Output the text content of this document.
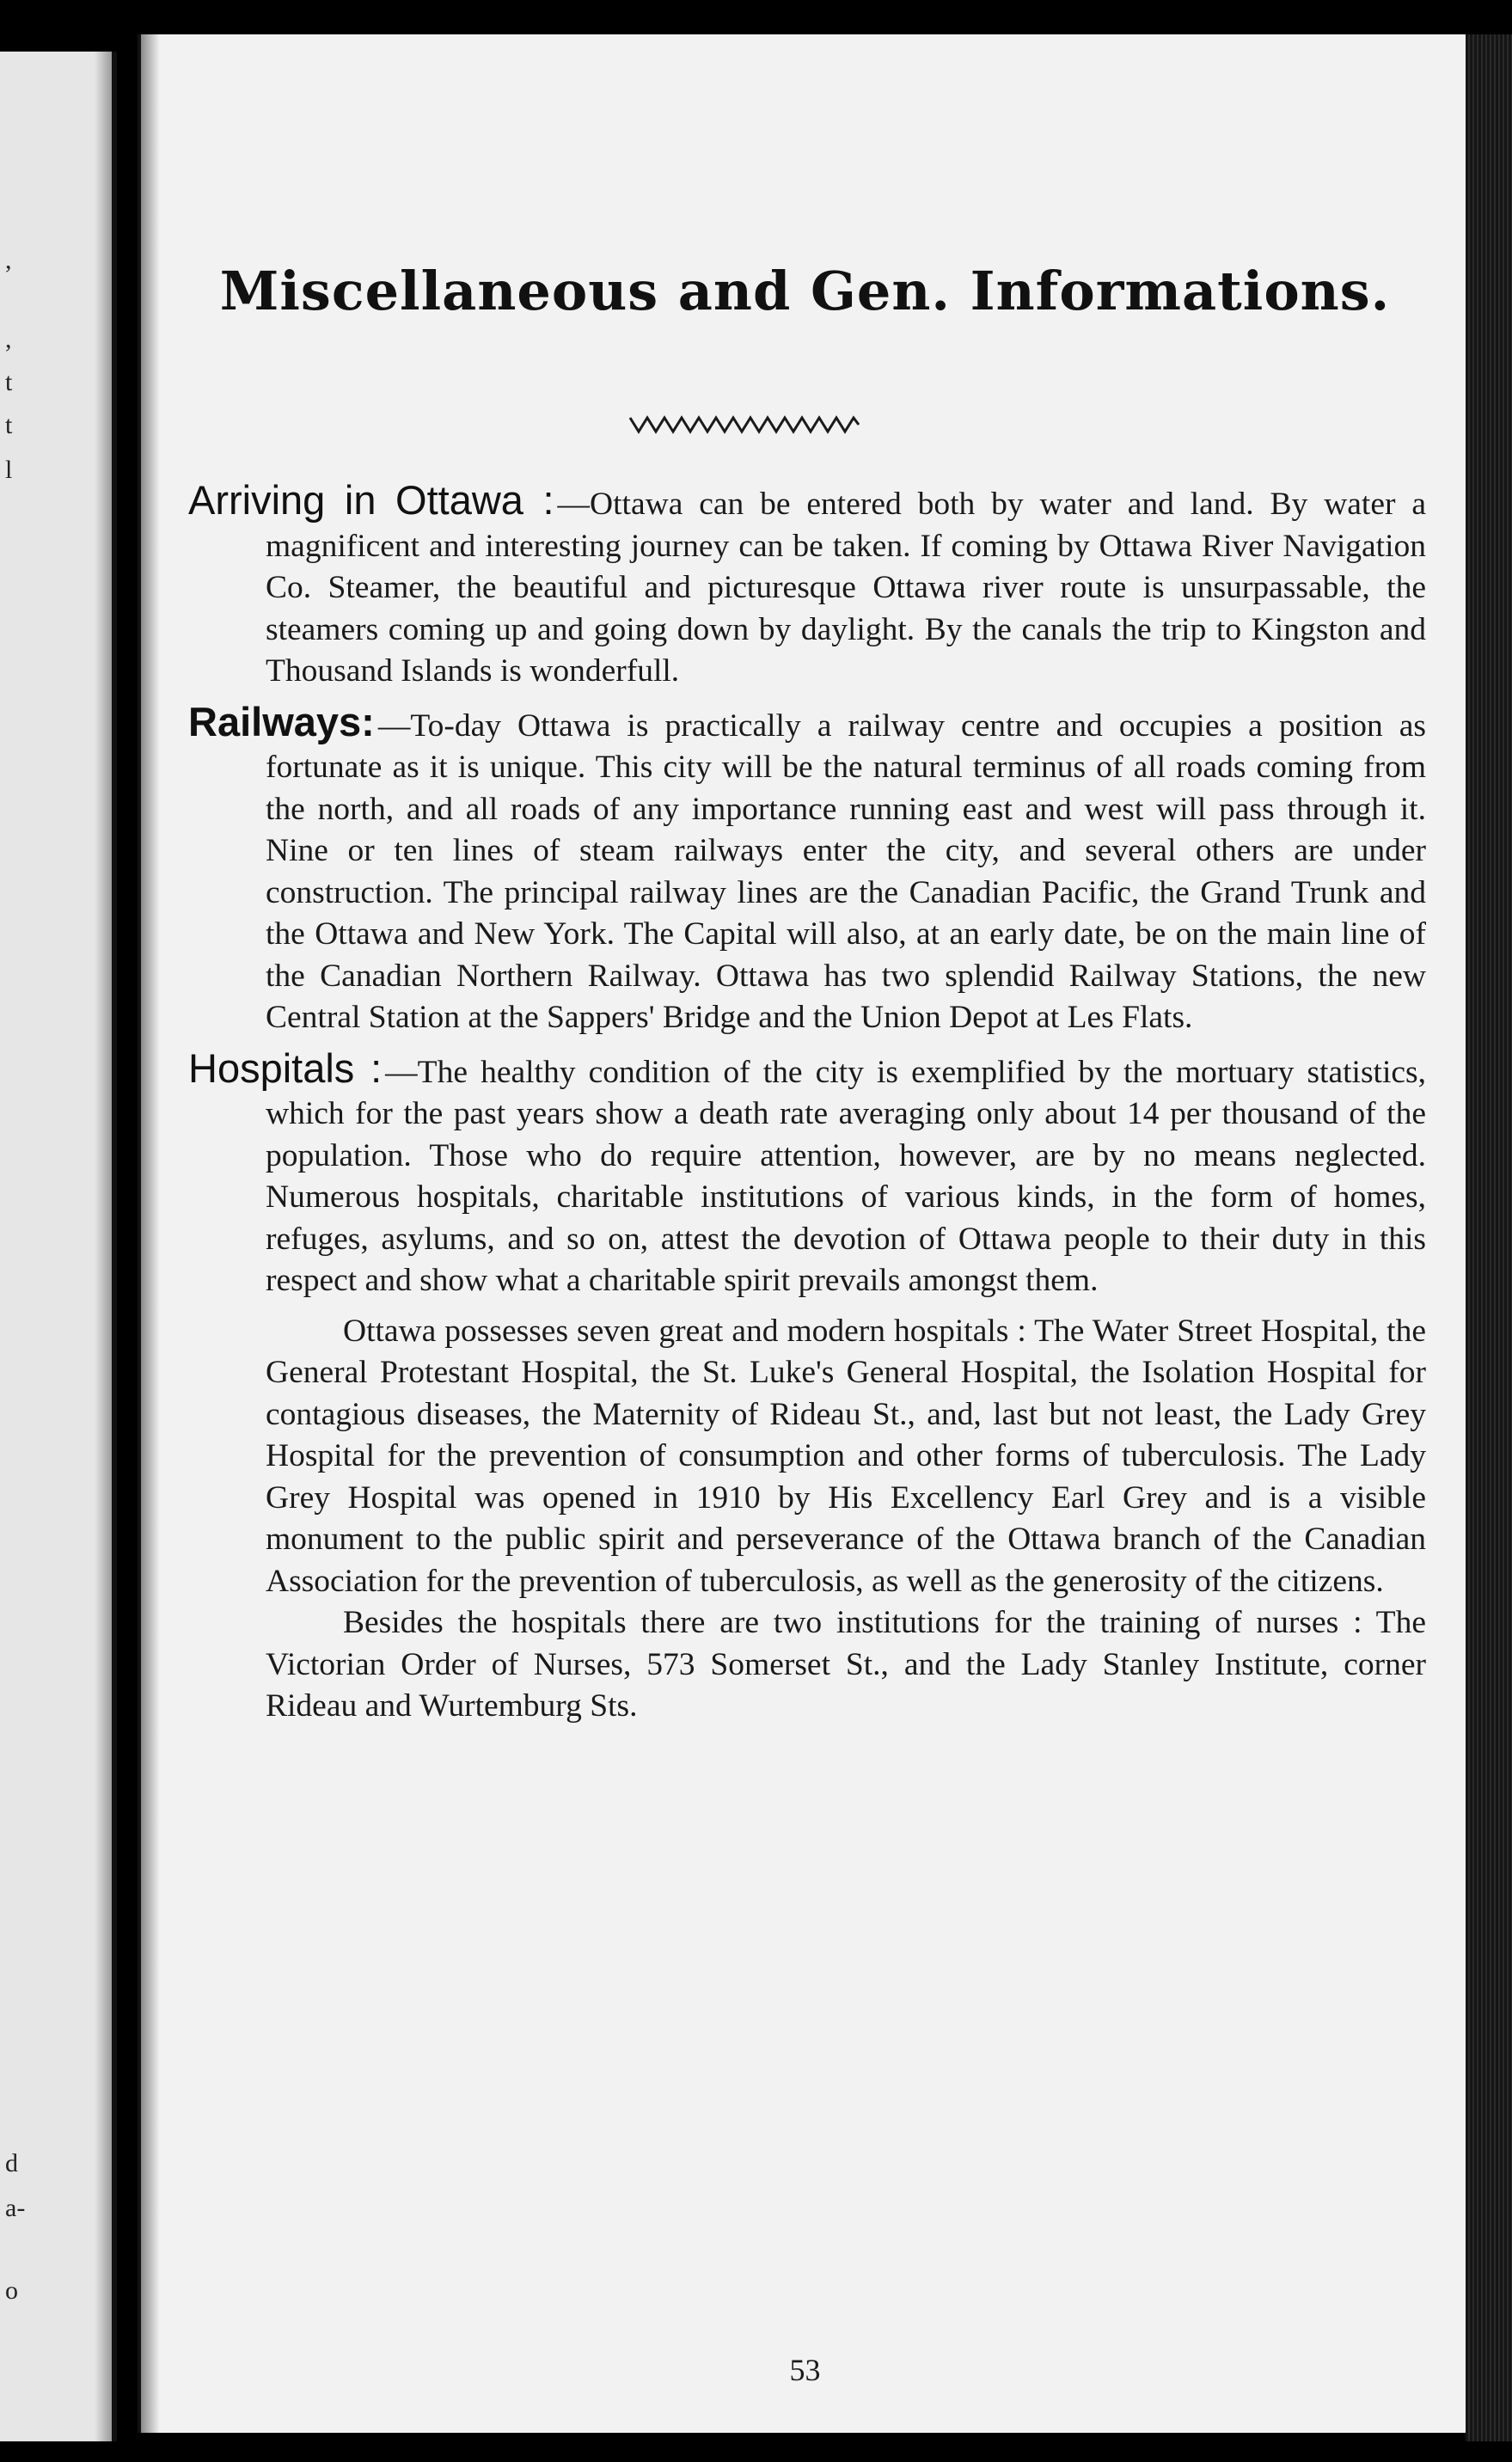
,
,
t
t
l
d
a-
o
Miscellaneous and Gen. Informations.
Arriving in Ottawa : —Ottawa can be entered both by water and land. By water a magnificent and interesting journey can be taken. If coming by Ottawa River Navigation Co. Steamer, the beautiful and picturesque Ottawa river route is unsurpassable, the steamers coming up and going down by daylight. By the canals the trip to Kingston and Thousand Islands is wonderfull.
Railways: —To-day Ottawa is practically a railway centre and occupies a position as fortunate as it is unique. This city will be the natural terminus of all roads coming from the north, and all roads of any importance running east and west will pass through it. Nine or ten lines of steam railways enter the city, and several others are under construction. The principal railway lines are the Canadian Pacific, the Grand Trunk and the Ottawa and New York. The Capital will also, at an early date, be on the main line of the Canadian Northern Railway. Ottawa has two splendid Railway Stations, the new Central Station at the Sappers' Bridge and the Union Depot at Les Flats.
Hospitals : —The healthy condition of the city is exemplified by the mortuary statistics, which for the past years show a death rate averaging only about 14 per thousand of the population. Those who do require attention, however, are by no means neglected. Numerous hospitals, charitable institutions of various kinds, in the form of homes, refuges, asylums, and so on, attest the devotion of Ottawa people to their duty in this respect and show what a charitable spirit prevails amongst them.

Ottawa possesses seven great and modern hospitals : The Water Street Hospital, the General Protestant Hospital, the St. Luke's General Hospital, the Isolation Hospital for contagious diseases, the Maternity of Rideau St., and, last but not least, the Lady Grey Hospital for the prevention of consumption and other forms of tuberculosis. The Lady Grey Hospital was opened in 1910 by His Excellency Earl Grey and is a visible monument to the public spirit and perseverance of the Ottawa branch of the Canadian Association for the prevention of tuberculosis, as well as the generosity of the citizens.

Besides the hospitals there are two institutions for the training of nurses : The Victorian Order of Nurses, 573 Somerset St., and the Lady Stanley Institute, corner Rideau and Wurtemburg Sts.

53
